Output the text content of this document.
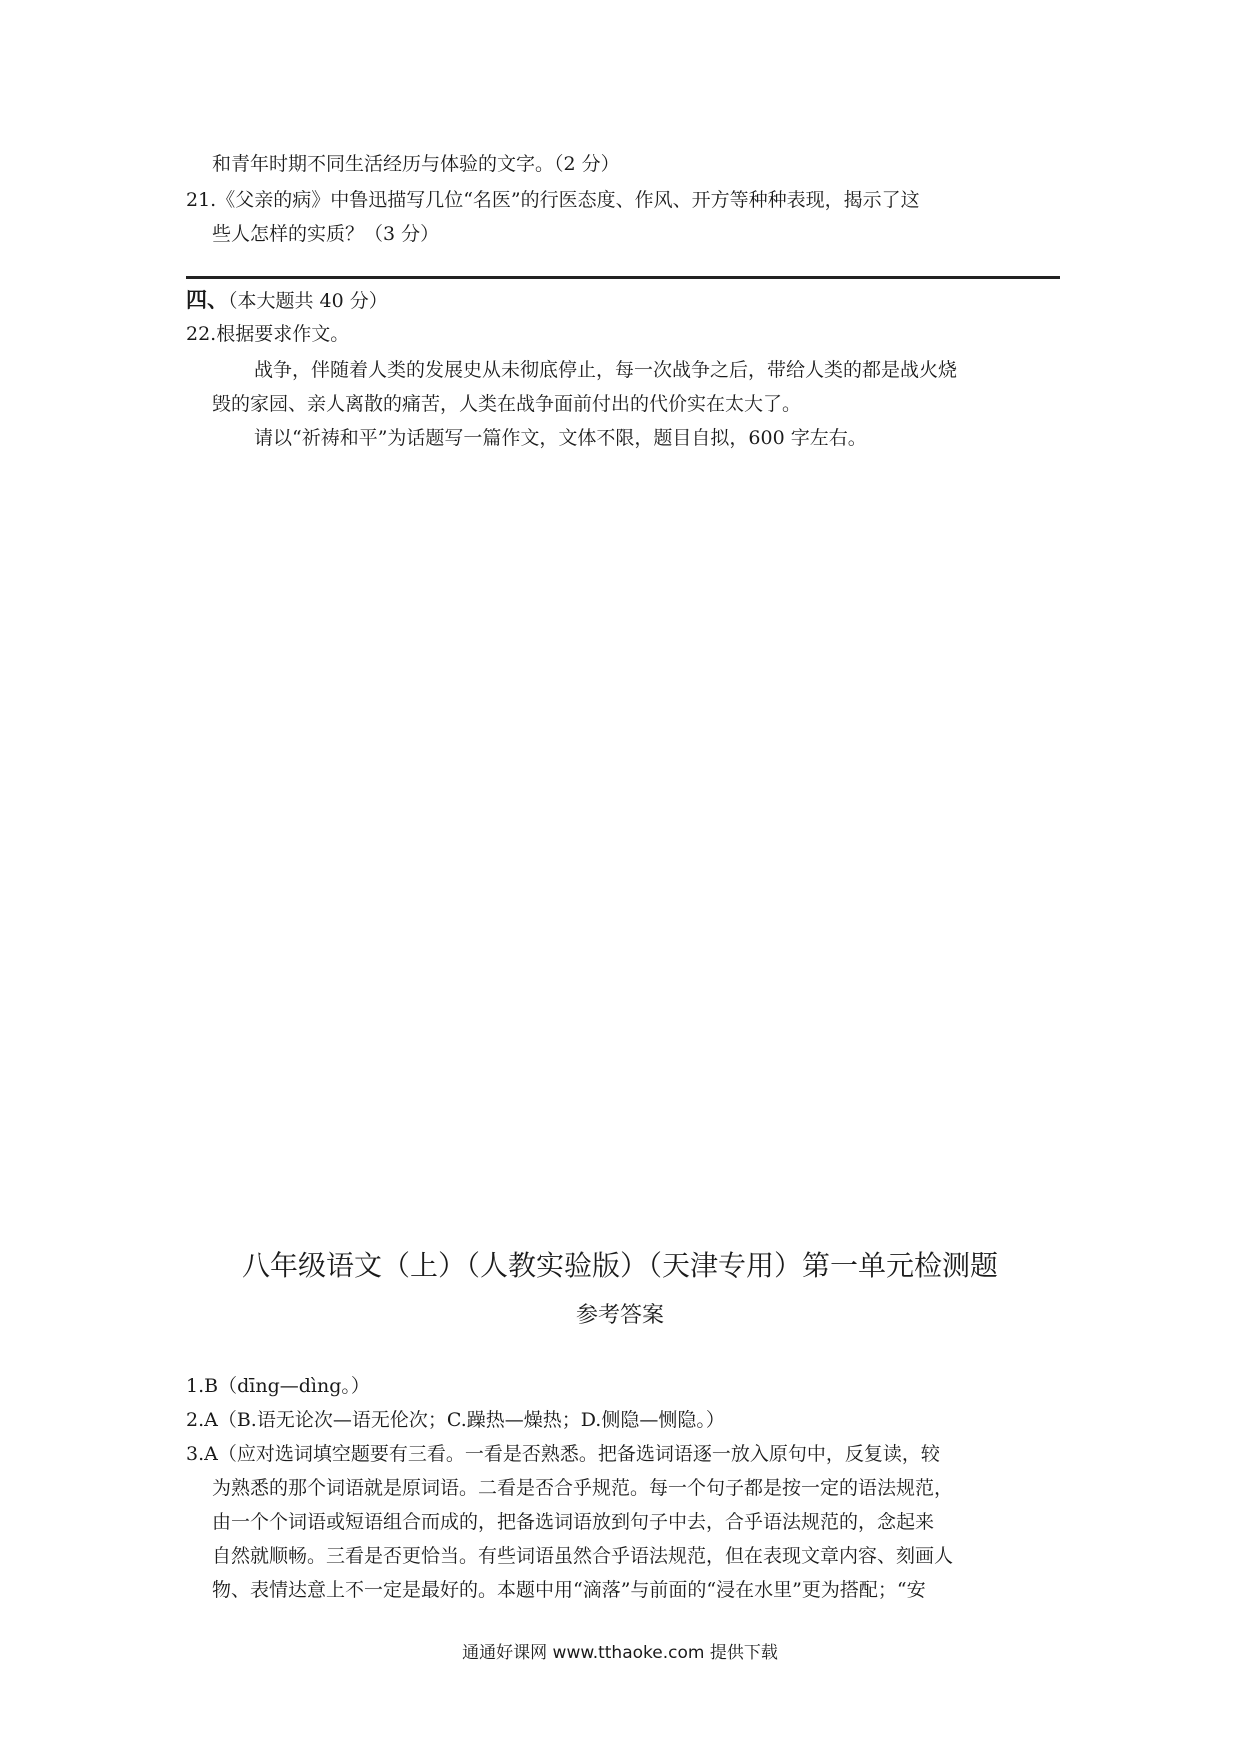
和青年时期不同生活经历与体验的文字。（2 分）
21.《父亲的病》中鲁迅描写几位“名医”的行医态度、作风、开方等种种表现，揭示了这
些人怎样的实质？（3 分）
四、（本大题共 40 分）
22.根据要求作文。
战争，伴随着人类的发展史从未彻底停止，每一次战争之后，带给人类的都是战火烧
毁的家园、亲人离散的痛苦，人类在战争面前付出的代价实在太大了。
请以“祈祷和平”为话题写一篇作文，文体不限，题目自拟，600 字左右。
八年级语文（上）（人教实验版）（天津专用）第一单元检测题
参考答案
1.B（dīng—dìng。）
2.A（B.语无论次—语无伦次；C.躁热—燥热；D.侧隐—恻隐。）
3.A（应对选词填空题要有三看。一看是否熟悉。把备选词语逐一放入原句中，反复读，较
为熟悉的那个词语就是原词语。二看是否合乎规范。每一个句子都是按一定的语法规范，
由一个个词语或短语组合而成的，把备选词语放到句子中去，合乎语法规范的，念起来
自然就顺畅。三看是否更恰当。有些词语虽然合乎语法规范，但在表现文章内容、刻画人
物、表情达意上不一定是最好的。本题中用“滴落”与前面的“浸在水里”更为搭配；“安
通通好课网 www.tthaoke.com 提供下载
